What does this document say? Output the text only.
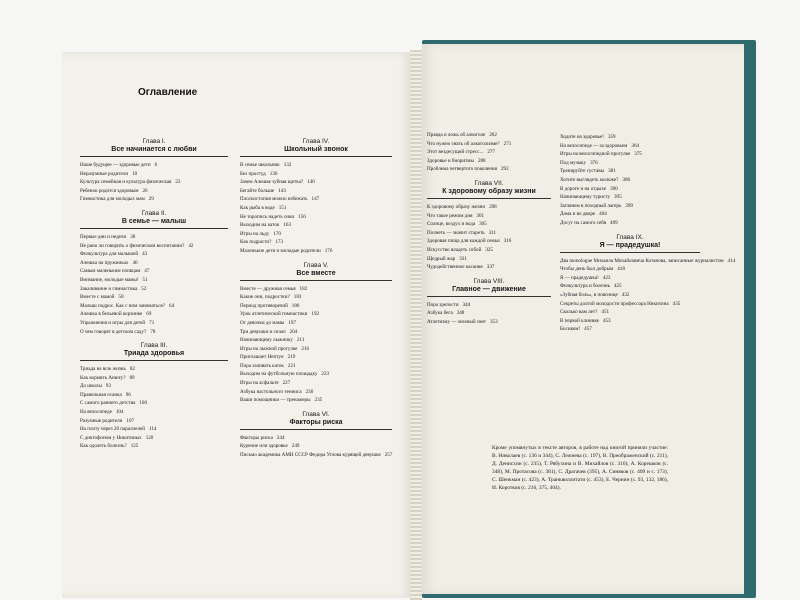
Оглавление
Глава I.
Все начинается с любви
Наше будущее — здоровые дети 6
Неразумные родители 10
Культура семейная и культура физическая 23
Ребенок родится здоровым 26
Гимнастика для молодых мам 29
Глава II.
В семье — малыш
Первые дни и недели 38
Не рано ли говорить о физическом воспитании? 42
Физкультура для малышей 43
Алешка на пружинках 46
Самым маленьким пловцам 47
Внимание, молодые мамы! 51
Закаливание и гимнастика 52
Вместе с мамой 58
Малыш подрос. Как с ним заниматься? 64
Алешка в бельевой корзинке 69
Упражнения и игры для детей 71
О чем говорят в детском саду? 78
Глава III.
Триада здоровья
Триада на всю жизнь 82
Как кормить Анюту? 89
До школы 93
Правильная осанка 96
С самого раннего детства 100
На велосипеде 104
Разумные родители 107
На плоту через 20 параллелей 114
С диктофоном у Никитиных 120
Как одолеть болезнь? 125
Глава IV.
Школьный звонок
В семье школьник 132
Без простуд 136
Зачем Алешке зубная щетка? 140
Бегайте больше 143
Плоскостопия можно избежать 147
Как рыба в воде 151
Не торопись надеть очки 156
Выходим на каток 163
Игры на льду 170
Как подрасти? 173
Маленькие дети и молодые родители 176
Глава V.
Все вместе
Вместе — дружная семья 182
Какие они, подростки? 183
Период противоречий 186
Урок атлетической гимнастики 192
От девочки до мамы 197
Три девушки и силач 204
Начинающему лыжнику 211
Игры на лыжной прогулке 216
Приглашает Нептун 219
Пора заливать каток 221
Выходим на футбольную площадку 223
Игры на асфальте 227
Азбука настольного тенниса 230
Ваши помощники — тренажеры 235
Глава VI.
Факторы риска
Факторы риска 244
Курение или здоровье 249
Письмо академика АМН СССР Федора Углова курящей девушке 257
Правда и ложь об алкоголе 262
Что нужно знать об алкоголизме? 271
Этот вездесущий стресс... 277
Здоровье и биоритмы 288
Проблема четвертого поколения 292
Глава VII.
К здоровому образу жизни
К здоровому образу жизни 298
Что такое режим дня 301
Солнце, воздух и вода 305
Полнеть — значит стареть 311
Здоровая пища для каждой семьи 316
Искусство владеть собой 325
Щедрый жар 331
Чудодейственное касание 337
Глава VIII.
Главное — движение
Пора зрелости 344
Азбука бега 348
Атлетизму — зеленый свет 353
Ходите на здоровье! 359
На велосипеде — за здоровьем 364
Игры на велосипедной прогулке 375
Под музыку 376
Тренируйте суставы 381
Хотите выглядеть моложе? 386
В дороге и на отдыхе 390
Начинающему туристу 395
Заглянем в походный лагерь 399
Дома и во дворе 404
Досуг на самого себя 409
Глава IX.
Я — прадедушка!
Два monologue Михаила Михайловича Котанова, записанные журналистом 414
Чтобы день был добрым 418
Я — прадедушка! 423
Физкультура и болезнь 425
«Зубная боль», в пояснице 432
Секреты долгой молодости профессора Никитина 435
Сколько вам лет? 451
В первой клинике 453
Босиком! 457
Кроме упомянутых в тексте авторов, в работе над книгой приняли участие: В. Николаев (с. 136 и 344), С. Лежнева (с. 197), В. Преображенский (с. 211), Д. Денисхин (с. 235), Т. Рябухина и В. Михайлов (с. 316), А. Корешков (с. 348), М. Протасова (с. 381), С. Драгачев (395), А. Синяков (с. 409 и с. 173), С. Шенкман (с. 423), А. Транквиллитати (с. 453), Е. Чернин (с. 93, 132, 186), И. Коротков (с. 216, 375, 404).
